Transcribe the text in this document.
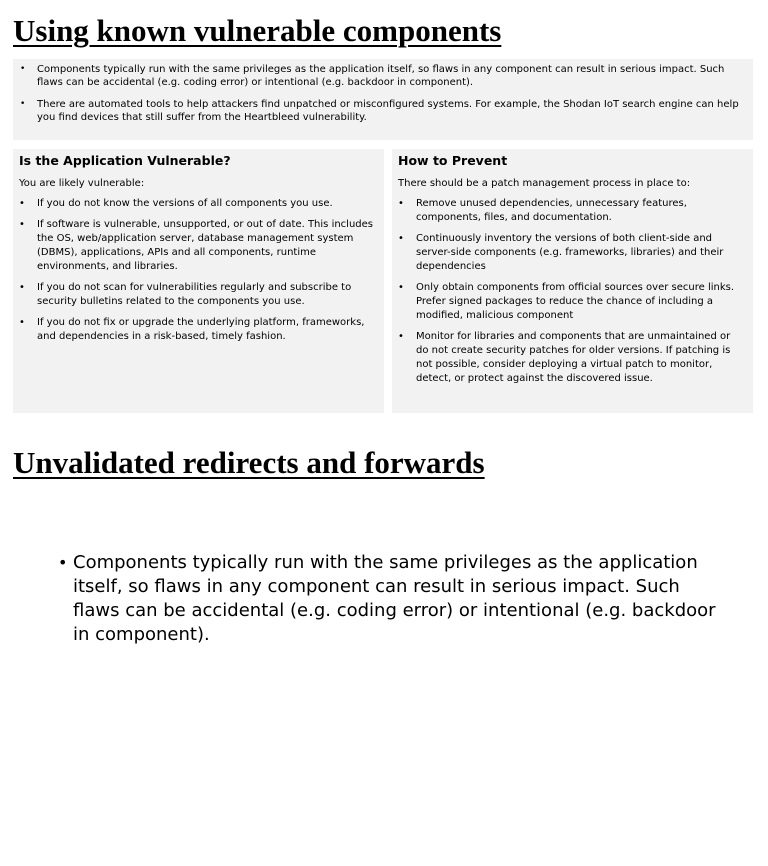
Using known vulnerable components
• Components typically run with the same privileges as the application itself, so flaws in any component can result in serious impact. Such flaws can be accidental (e.g. coding error) or intentional (e.g. backdoor in component).
• There are automated tools to help attackers find unpatched or misconfigured systems. For example, the Shodan IoT search engine can help you find devices that still suffer from the Heartbleed vulnerability.
Is the Application Vulnerable?

You are likely vulnerable:

• If you do not know the versions of all components you use.
• If software is vulnerable, unsupported, or out of date. This includes the OS, web/application server, database management system (DBMS), applications, APIs and all components, runtime environments, and libraries.
• If you do not scan for vulnerabilities regularly and subscribe to security bulletins related to the components you use.
• If you do not fix or upgrade the underlying platform, frameworks, and dependencies in a risk-based, timely fashion.
How to Prevent

There should be a patch management process in place to:

• Remove unused dependencies, unnecessary features, components, files, and documentation.
• Continuously inventory the versions of both client-side and server-side components (e.g. frameworks, libraries) and their dependencies
• Only obtain components from official sources over secure links. Prefer signed packages to reduce the chance of including a modified, malicious component
• Monitor for libraries and components that are unmaintained or do not create security patches for older versions. If patching is not possible, consider deploying a virtual patch to monitor, detect, or protect against the discovered issue.
Unvalidated redirects and forwards
• Components typically run with the same privileges as the application itself, so flaws in any component can result in serious impact. Such flaws can be accidental (e.g. coding error) or intentional (e.g. backdoor in component).
